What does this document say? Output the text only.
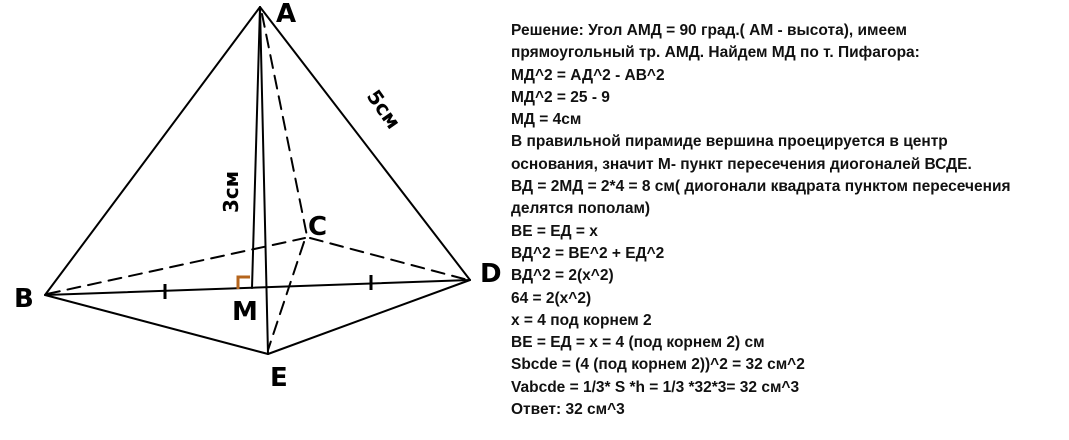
A
B
C
D
E
M
3см
5см
Решение: Угол АМД = 90 град.( АМ - высота), имеем
прямоугольный тр. АМД. Найдем МД по т. Пифагора:
МД^2 = АД^2 - АВ^2
МД^2 = 25 - 9
МД = 4см
В правильной пирамиде вершина проецируется в центр
основания, значит М- пункт пересечения диогоналей ВСДЕ.
ВД = 2МД = 2*4 = 8 см( диогонали квадрата пунктом пересечения
делятся пополам)
ВЕ = ЕД = х
ВД^2 = ВЕ^2 + ЕД^2
ВД^2 = 2(х^2)
64 = 2(х^2)
х = 4 под корнем 2
ВЕ = ЕД = х = 4 (под корнем 2) см
Sbcde = (4 (под корнем 2))^2 = 32 см^2
Vabcde = 1/3* S *h = 1/3 *32*3= 32 см^3
Ответ: 32 см^3
